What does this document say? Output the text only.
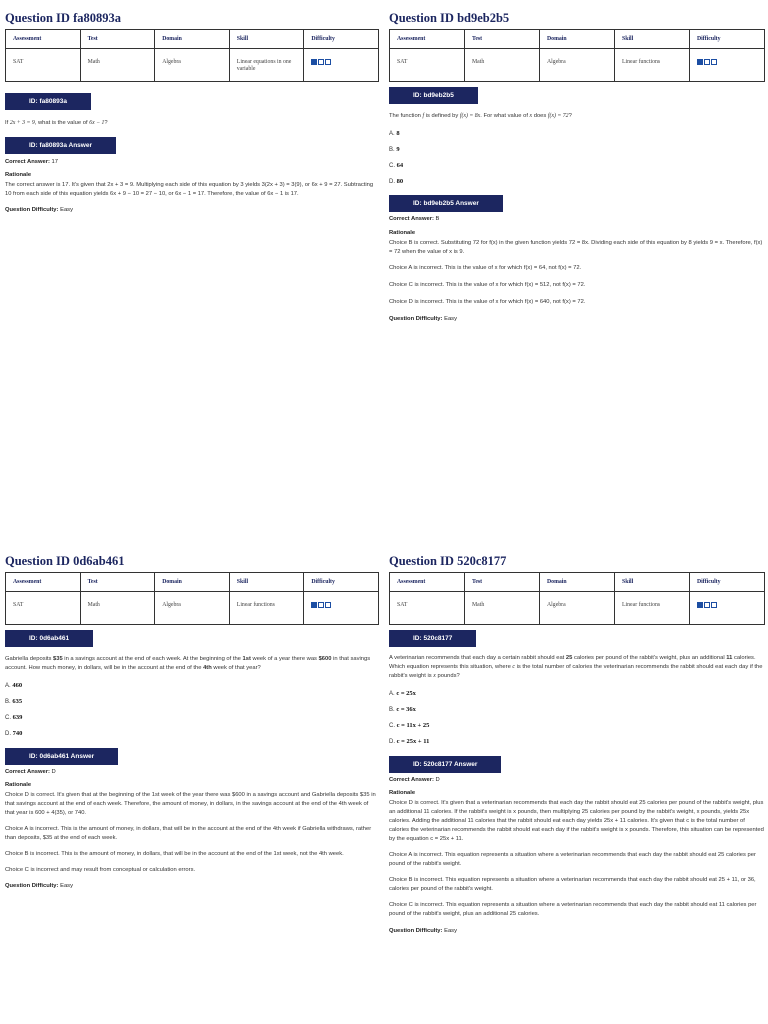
Question ID fa80893a
Assessment	Test	Domain	Skill	Difficulty
SAT	Math	Algebra	Linear equations in one variable	
ID: fa80893a

If 2x + 3 = 9, what is the value of 6x − 1?

ID: fa80893a Answer
Correct Answer: 17
Rationale

The correct answer is 17. It's given that 2x + 3 = 9. Multiplying each side of this equation by 3 yields 3(2x + 3) = 3(9), or 6x + 9 = 27. Subtracting 10 from each side of this equation yields 6x + 9 − 10 = 27 − 10, or 6x − 1 = 17. Therefore, the value of 6x − 1 is 17.

Question Difficulty: Easy
Question ID bd9eb2b5
Assessment	Test	Domain	Skill	Difficulty
SAT	Math	Algebra	Linear functions	
ID: bd9eb2b5

The function f is defined by f(x) = 8x. For what value of x does f(x) = 72?

A. 8
B. 9
C. 64
D. 80
ID: bd9eb2b5 Answer
Correct Answer: B
Rationale

Choice B is correct. Substituting 72 for f(x) in the given function yields 72 = 8x. Dividing each side of this equation by 8 yields 9 = x. Therefore, f(x) = 72 when the value of x is 9.

Choice A is incorrect. This is the value of x for which f(x) = 64, not f(x) = 72.

Choice C is incorrect. This is the value of x for which f(x) = 512, not f(x) = 72.

Choice D is incorrect. This is the value of x for which f(x) = 640, not f(x) = 72.

Question Difficulty: Easy
Question ID 0d6ab461
Assessment	Test	Domain	Skill	Difficulty
SAT	Math	Algebra	Linear functions	
ID: 0d6ab461

Gabriella deposits $35 in a savings account at the end of each week. At the beginning of the 1st week of a year there was $600 in that savings account. How much money, in dollars, will be in the account at the end of the 4th week of that year?

A. 460
B. 635
C. 639
D. 740
ID: 0d6ab461 Answer
Correct Answer: D
Rationale

Choice D is correct. It's given that at the beginning of the 1st week of the year there was $600 in a savings account and Gabriella deposits $35 in that savings account at the end of each week. Therefore, the amount of money, in dollars, in the savings account at the end of the 4th week of that year is 600 + 4(35), or 740.

Choice A is incorrect. This is the amount of money, in dollars, that will be in the account at the end of the 4th week if Gabriella withdraws, rather than deposits, $35 at the end of each week.

Choice B is incorrect. This is the amount of money, in dollars, that will be in the account at the end of the 1st week, not the 4th week.

Choice C is incorrect and may result from conceptual or calculation errors.

Question Difficulty: Easy
Question ID 520c8177
Assessment	Test	Domain	Skill	Difficulty
SAT	Math	Algebra	Linear functions	
ID: 520c8177

A veterinarian recommends that each day a certain rabbit should eat 25 calories per pound of the rabbit's weight, plus an additional 11 calories. Which equation represents this situation, where c is the total number of calories the veterinarian recommends the rabbit should eat each day if the rabbit's weight is x pounds?

A. c = 25x
B. c = 36x
C. c = 11x + 25
D. c = 25x + 11
ID: 520c8177 Answer
Correct Answer: D
Rationale

Choice D is correct. It's given that a veterinarian recommends that each day the rabbit should eat 25 calories per pound of the rabbit's weight, plus an additional 11 calories. If the rabbit's weight is x pounds, then multiplying 25 calories per pound by the rabbit's weight, x pounds, yields 25x calories. Adding the additional 11 calories that the rabbit should eat each day yields 25x + 11 calories. It's given that c is the total number of calories the veterinarian recommends the rabbit should eat each day if the rabbit's weight is x pounds. Therefore, this situation can be represented by the equation c = 25x + 11.

Choice A is incorrect. This equation represents a situation where a veterinarian recommends that each day the rabbit should eat 25 calories per pound of the rabbit's weight.

Choice B is incorrect. This equation represents a situation where a veterinarian recommends that each day the rabbit should eat 25 + 11, or 36, calories per pound of the rabbit's weight.

Choice C is incorrect. This equation represents a situation where a veterinarian recommends that each day the rabbit should eat 11 calories per pound of the rabbit's weight, plus an additional 25 calories.

Question Difficulty: Easy
